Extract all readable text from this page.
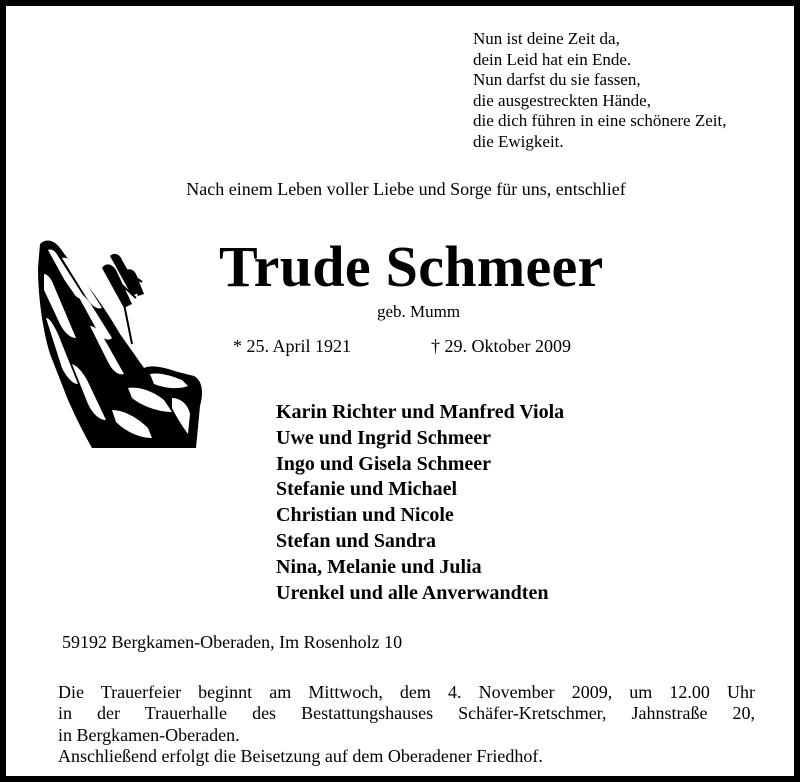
Nun ist deine Zeit da,
dein Leid hat ein Ende.
Nun darfst du sie fassen,
die ausgestreckten Hände,
die dich führen in eine schönere Zeit,
die Ewigkeit.
Nach einem Leben voller Liebe und Sorge für uns, entschlief
Trude Schmeer
geb. Mumm
* 25. April 1921	† 29. Oktober 2009
Karin Richter und Manfred Viola
Uwe und Ingrid Schmeer
Ingo und Gisela Schmeer
Stefanie und Michael
Christian und Nicole
Stefan und Sandra
Nina, Melanie und Julia
Urenkel und alle Anverwandten
59192 Bergkamen-Oberaden, Im Rosenholz 10
Die Trauerfeier beginnt am Mittwoch, dem 4. November 2009, um 12.00 Uhr
in der Trauerhalle des Bestattungshauses Schäfer-Kretschmer, Jahnstraße 20,
in Bergkamen-Oberaden.
Anschließend erfolgt die Beisetzung auf dem Oberadener Friedhof.
